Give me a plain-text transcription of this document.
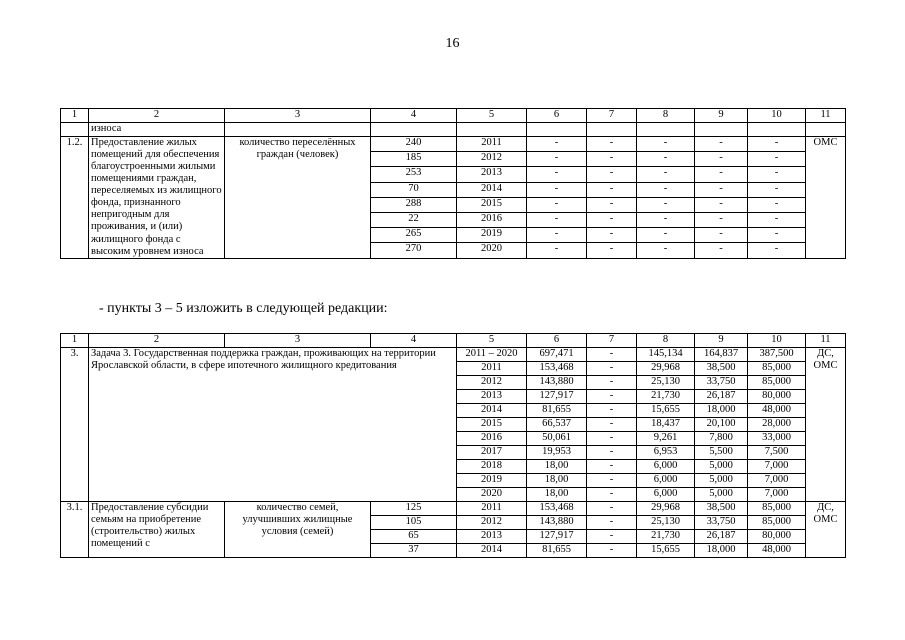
16
1	2	3	4	5	6	7	8	9	10	11
	износа									
1.2.	Предоставление жилых помещений для обеспечения благоустроенными жилыми помещениями граждан, переселяемых из жилищного фонда, признанного непригодным для проживания, и (или) жилищного фонда с высоким уровнем износа	количество переселённых граждан (человек)	240	2011	-	-	-	-	-	ОМС
			185	2012	-	-	-	-	-	
			253	2013	-	-	-	-	-	
			70	2014	-	-	-	-	-	
			288	2015	-	-	-	-	-	
			22	2016	-	-	-	-	-	
			265	2019	-	-	-	-	-	
			270	2020	-	-	-	-	-	
- пункты 3 – 5 изложить в следующей редакции:
1	2	3	4	5	6	7	8	9	10	11
3.	Задача 3. Государственная поддержка граждан, проживающих на территории Ярославской области, в сфере ипотечного жилищного кредитования			2011 – 2020	697,471	-	145,134	164,837	387,500	ДС, ОМС
				2011	153,468	-	29,968	38,500	85,000	
				2012	143,880	-	25,130	33,750	85,000	
				2013	127,917	-	21,730	26,187	80,000	
				2014	81,655	-	15,655	18,000	48,000	
				2015	66,537	-	18,437	20,100	28,000	
				2016	50,061	-	9,261	7,800	33,000	
				2017	19,953	-	6,953	5,500	7,500	
				2018	18,00	-	6,000	5,000	7,000	
				2019	18,00	-	6,000	5,000	7,000	
				2020	18,00	-	6,000	5,000	7,000	
3.1.	Предоставление субсидии семьям на приобретение (строительство) жилых помещений с	количество семей, улучшивших жилищные условия (семей)	125	2011	153,468	-	29,968	38,500	85,000	ДС, ОМС
			105	2012	143,880	-	25,130	33,750	85,000	
			65	2013	127,917	-	21,730	26,187	80,000	
			37	2014	81,655	-	15,655	18,000	48,000	
